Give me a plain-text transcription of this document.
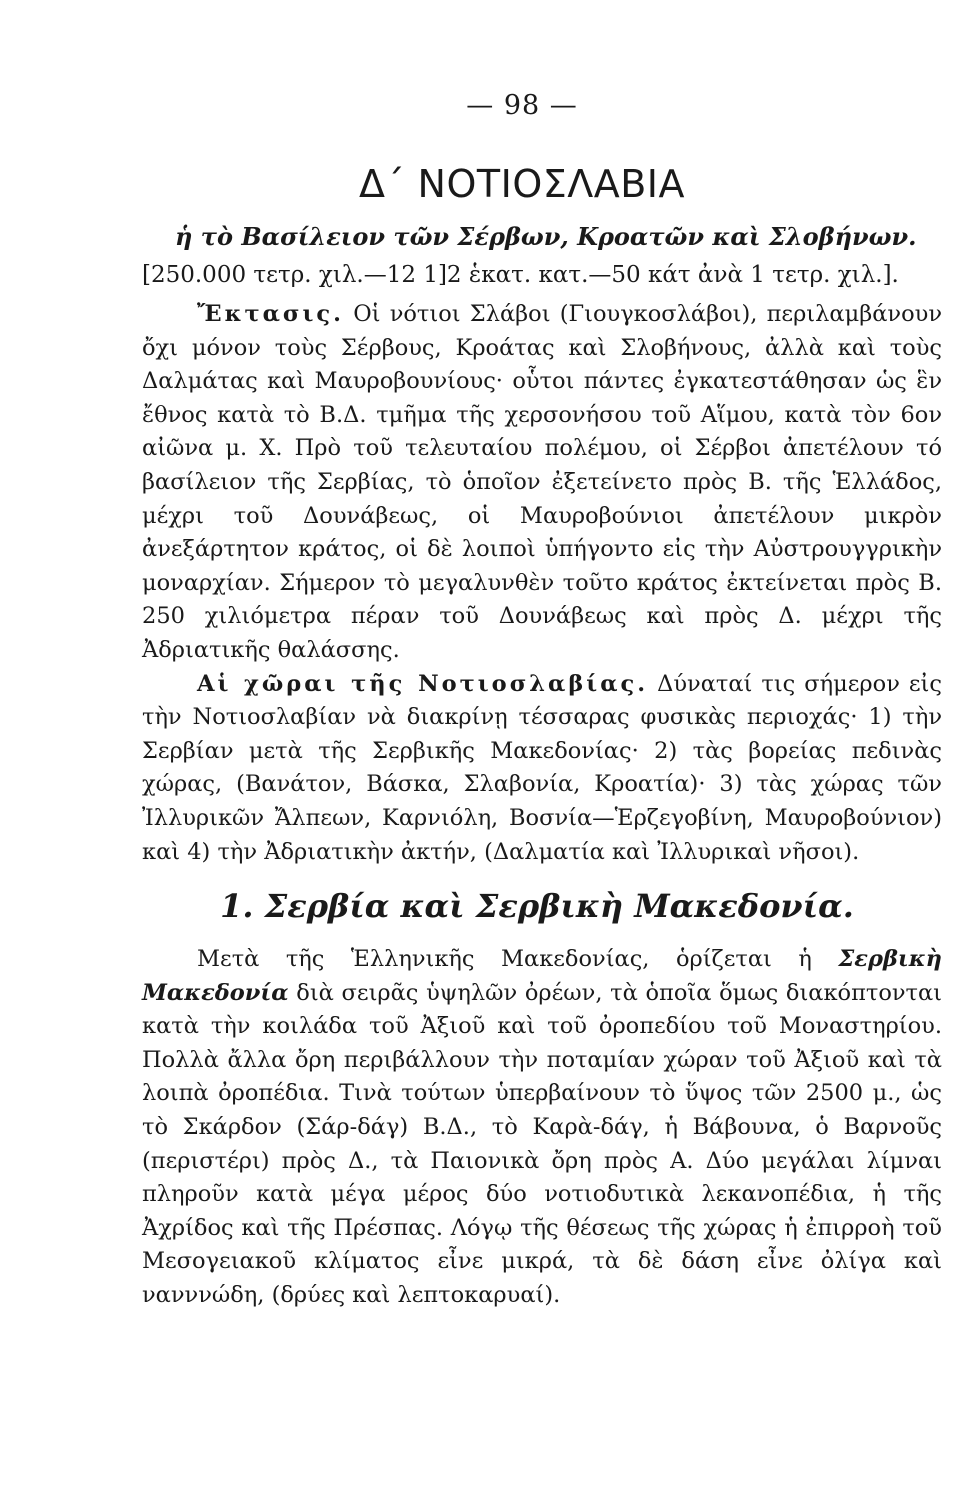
— 98 —
Δ΄ ΝΟΤΙΟΣΛΑΒΙΑ
ἡ τὸ Βασίλειον τῶν Σέρβων, Κροατῶν καὶ Σλοβήνων.
[250.000 τετρ. χιλ.—12 1]2 ἑκατ. κατ.—50 κάτ ἀνὰ 1 τετρ. χιλ.].

Ἔκτασις. Οἱ νότιοι Σλάβοι (Γιουγκοσλάβοι), περιλαμβάνουν ὄχι μόνον τοὺς Σέρβους, Κροάτας καὶ Σλοβήνους, ἀλλὰ καὶ τοὺς Δαλμάτας καὶ Μαυροβουνίους· οὗτοι πάντες ἐγκατεστάθησαν ὡς ἓν ἔθνος κατὰ τὸ Β.Δ. τμῆμα τῆς χερσονήσου τοῦ Αἵμου, κατὰ τὸν 6ον αἰῶνα μ. Χ. Πρὸ τοῦ τελευταίου πολέμου, οἱ Σέρβοι ἀπετέλουν τό βασίλειον τῆς Σερβίας, τὸ ὁποῖον ἐξετείνετο πρὸς Β. τῆς Ἑλλάδος, μέχρι τοῦ Δουνάβεως, οἱ Μαυροβούνιοι ἀπετέλουν μικρὸν ἀνεξάρτητον κράτος, οἱ δὲ λοιποὶ ὑπήγοντο εἰς τὴν Αὐστρουγγρικὴν μοναρχίαν. Σήμερον τὸ μεγαλυνθὲν τοῦτο κράτος ἐκτείνεται πρὸς Β. 250 χιλιόμετρα πέραν τοῦ Δουνάβεως καὶ πρὸς Δ. μέχρι τῆς Ἀδριατικῆς θαλάσσης.

Αἱ χῶραι τῆς Νοτιοσλαβίας. Δύναταί τις σήμερον εἰς τὴν Νοτιοσλαβίαν νὰ διακρίνῃ τέσσαρας φυσικὰς περιοχάς· 1) τὴν Σερβίαν μετὰ τῆς Σερβικῆς Μακεδονίας· 2) τὰς βορείας πεδινὰς χώρας, (Βανάτον, Βάσκα, Σλαβονία, Κροατία)· 3) τὰς χώρας τῶν Ἰλλυρικῶν Ἄλπεων, Καρνιόλη, Βοσνία—Ἑρζεγοβίνη, Μαυροβούνιον) καὶ 4) τὴν Ἀδριατικὴν ἀκτήν, (Δαλματία καὶ Ἰλλυρικαὶ νῆσοι).

1. Σερβία καὶ Σερβικὴ Μακεδονία.

Μετὰ τῆς Ἑλληνικῆς Μακεδονίας, ὁρίζεται ἡ Σερβικὴ Μακεδονία διὰ σειρᾶς ὑψηλῶν ὀρέων, τὰ ὁποῖα ὅμως διακόπτονται κατὰ τὴν κοιλάδα τοῦ Ἀξιοῦ καὶ τοῦ ὀροπεδίου τοῦ Μοναστηρίου. Πολλὰ ἄλλα ὄρη περιβάλλουν τὴν ποταμίαν χώραν τοῦ Ἀξιοῦ καὶ τὰ λοιπὰ ὀροπέδια. Τινὰ τούτων ὑπερβαίνουν τὸ ὕψος τῶν 2500 μ., ὡς τὸ Σκάρδον (Σάρ-δάγ) Β.Δ., τὸ Καρὰ-δάγ, ἡ Βάβουνα, ὁ Βαρνοῦς (περιστέρι) πρὸς Δ., τὰ Παιονικὰ ὄρη πρὸς Α. Δύο μεγάλαι λίμναι πληροῦν κατὰ μέγα μέρος δύο νοτιοδυτικὰ λεκανοπέδια, ἡ τῆς Ἀχρίδος καὶ τῆς Πρέσπας. Λόγῳ τῆς θέσεως τῆς χώρας ἡ ἐπιρροὴ τοῦ Μεσογειακοῦ κλίματος εἶνε μικρά, τὰ δὲ δάση εἶνε ὀλίγα καὶ νανννώδη, (δρύες καὶ λεπτοκαρυαί).
